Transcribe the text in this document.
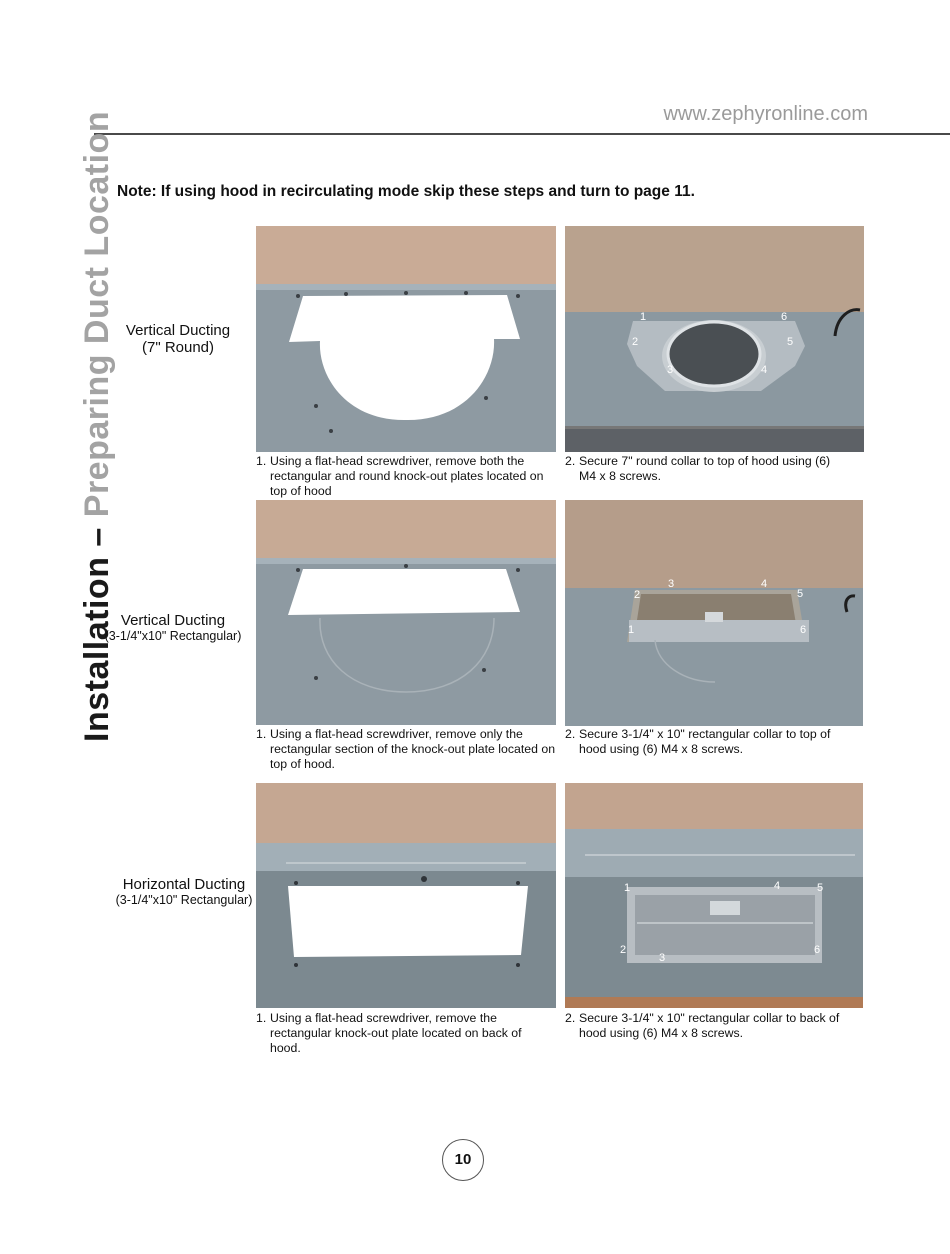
www.zephyronline.com
Installation – Preparing Duct Location Note: If using hood in recirculating mode skip these steps and turn to page 11.
Vertical Ducting
(7" Round)
1
2
3	4
5
6
1. Using a flat-head screwdriver, remove both the rectangular and round knock-out plates located on top of hood
2. Secure 7" round collar to top of hood using (6) M4 x 8 screws.
Vertical Ducting
(3-1/4"x10" Rectangular)	1
2
3	4
5
6
1. Using a flat-head screwdriver, remove only the rectangular section of the knock-out plate located on top of hood.
2. Secure 3-1/4" x 10" rectangular collar to top of hood using (6) M4 x 8 screws.
Horizontal Ducting
(3-1/4"x10" Rectangular)
1
2
3
4	5
6
1. Using a flat-head screwdriver, remove the rectangular knock-out plate located on back of hood.
2. Secure 3-1/4" x 10" rectangular collar to back of hood using (6) M4 x 8 screws.
10
